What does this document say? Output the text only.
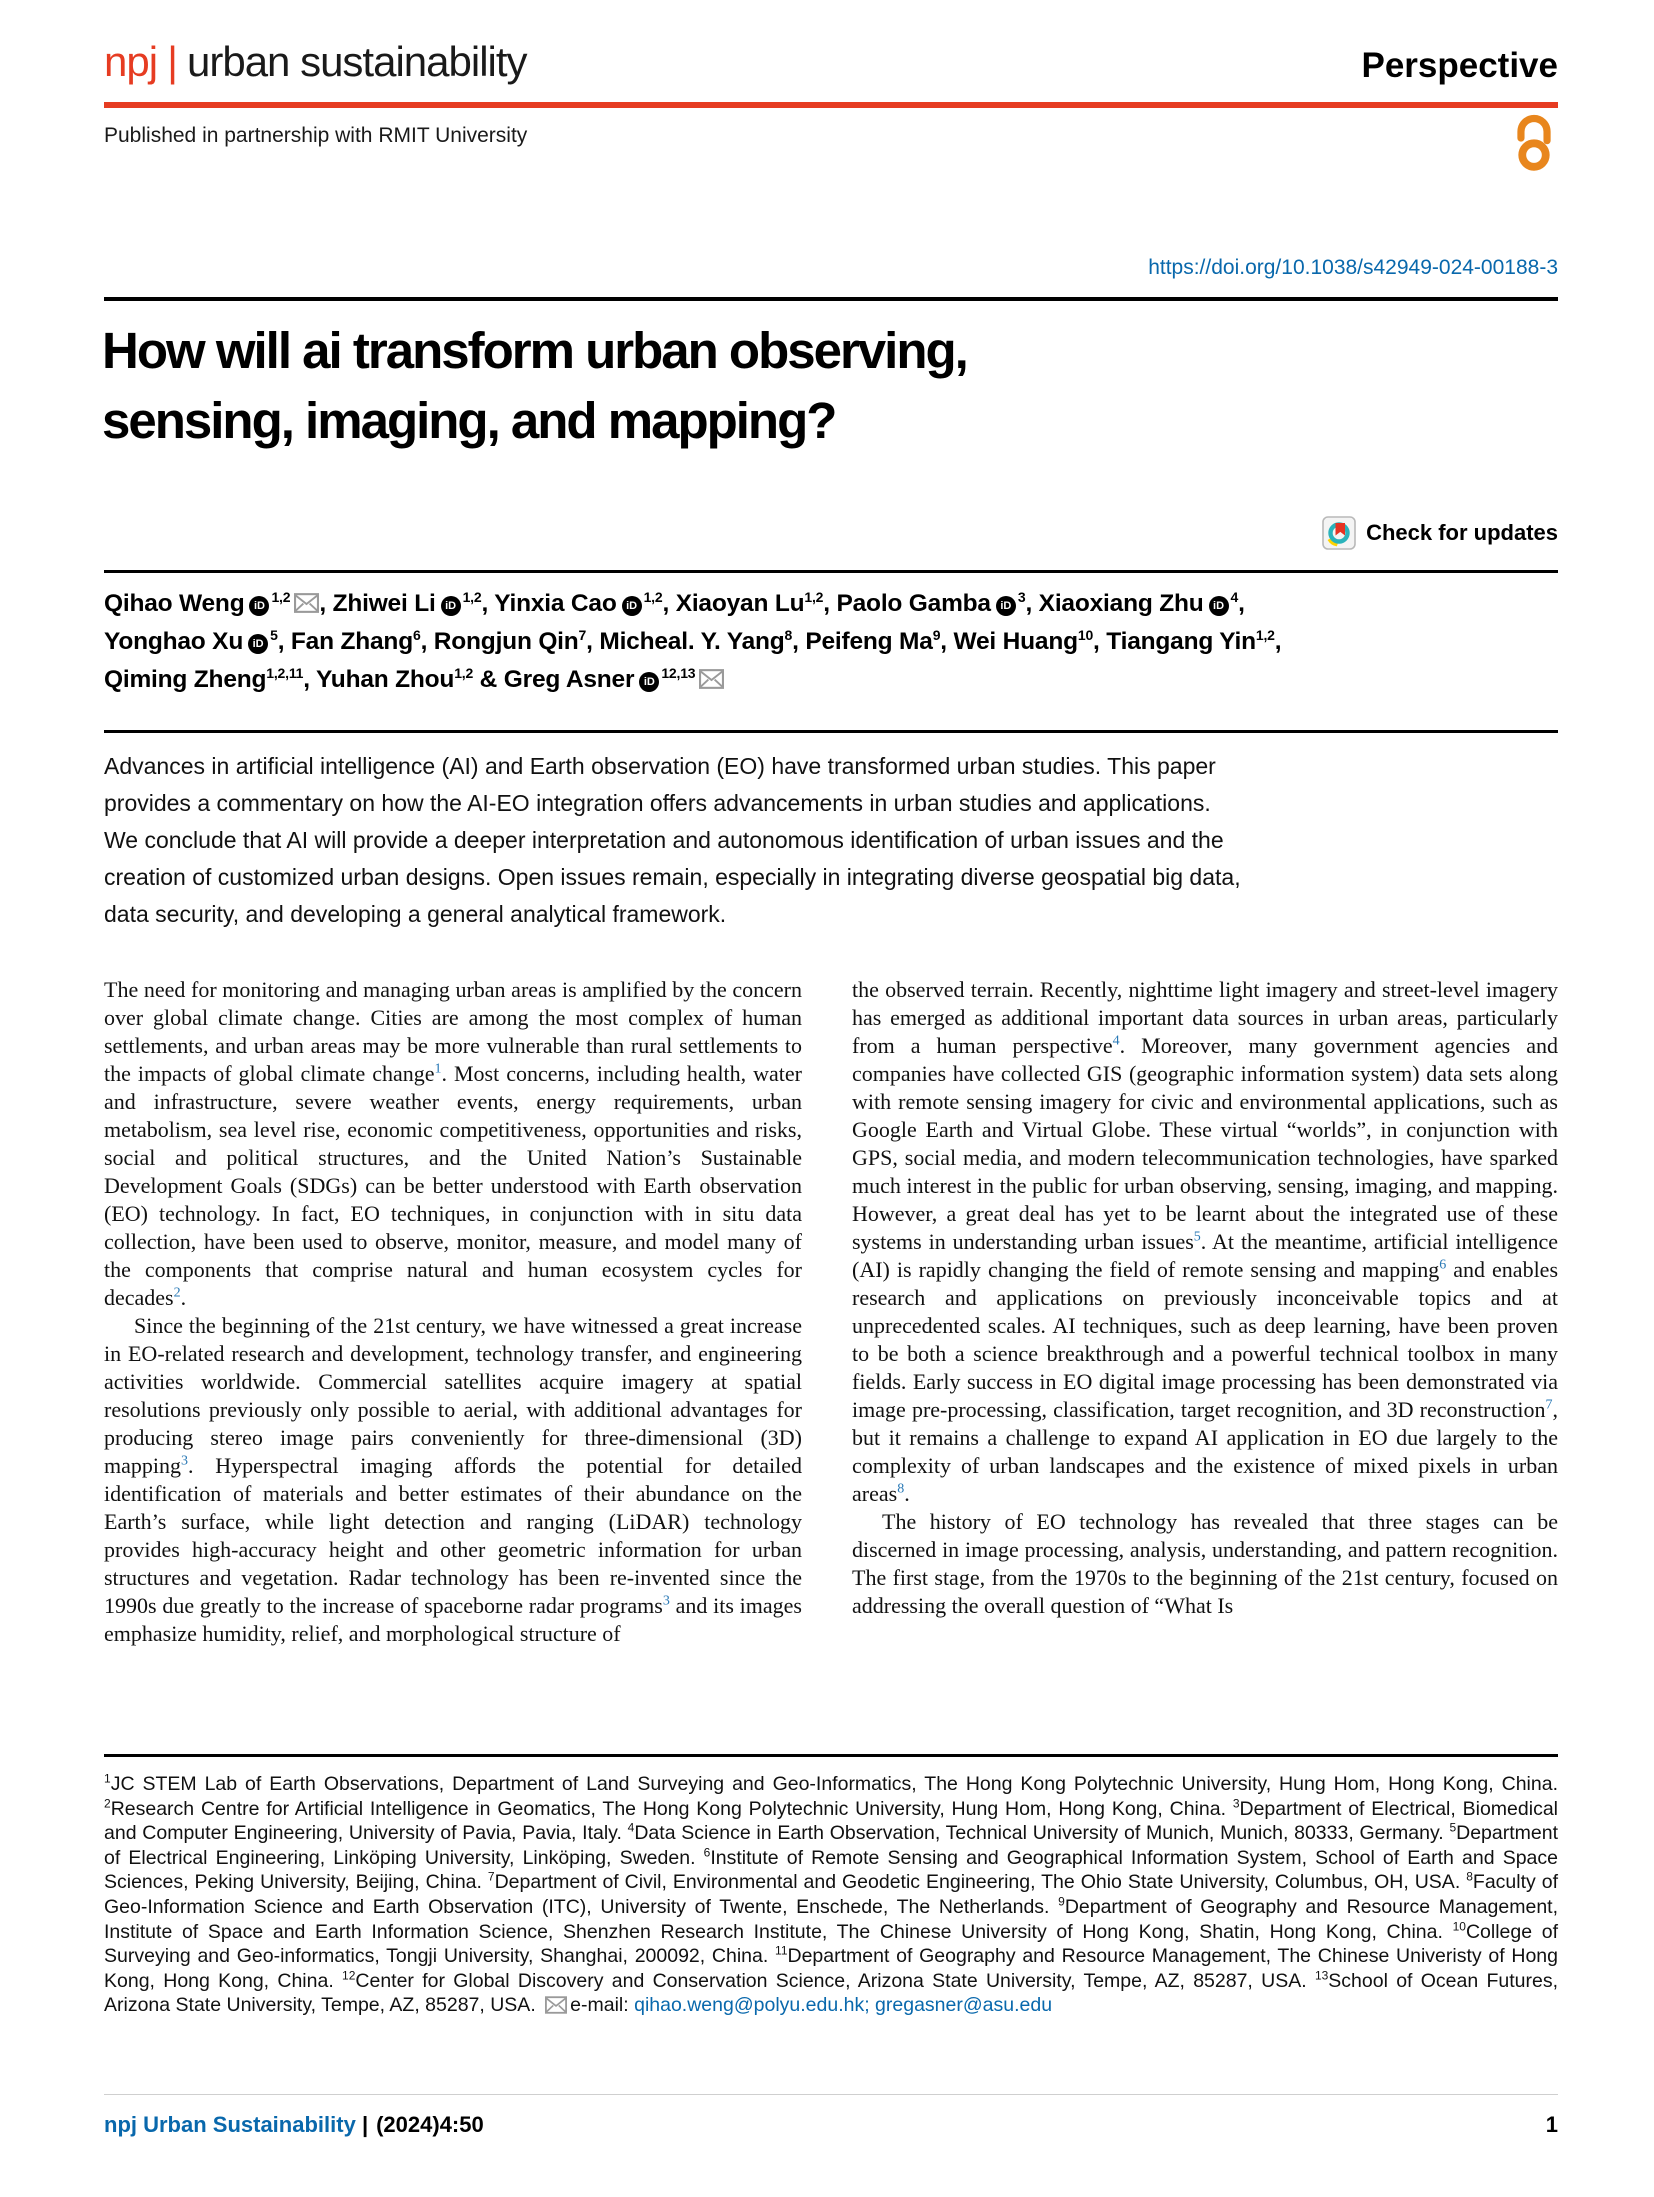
npj | urban sustainability	Perspective
Published in partnership with RMIT University
https://doi.org/10.1038/s42949-024-00188-3
How will ai transform urban observing,
sensing, imaging, and mapping?
Check for updates
Qihao Weng iD$^{1,2}$ , Zhiwei Li iD$^{1,2}$, Yinxia Cao iD$^{1,2}$, Xiaoyan Lu$^{1,2}$, Paolo Gamba $iD^3$, Xiaoxiang Zhu $iD^4$,
Yonghao Xu $iD^5$, Fan Zhang$^6$, Rongjun Qin$^7$, Micheal. Y. Yang$^8$, Peifeng Ma$^9$, Wei Huang$^{10}$, Tiangang Yin$^{1,2}$,
Qiming Zheng$^{1,2,11}$, Yuhan Zhou$^{1,2}$ & Greg Asner iD$^{12,13}$
Advances in artificial intelligence (AI) and Earth observation (EO) have transformed urban studies. This paper provides a commentary on how the AI-EO integration offers advancements in urban studies and applications. We conclude that AI will provide a deeper interpretation and autonomous identification of urban issues and the creation of customized urban designs. Open issues remain, especially in integrating diverse geospatial big data, data security, and developing a general analytical framework.

The need for monitoring and managing urban areas is amplified by the concern over global climate change. Cities are among the most complex of human settlements, and urban areas may be more vulnerable than rural settlements to the impacts of global climate change$^1$. Most concerns, including health, water and infrastructure, severe weather events, energy requirements, urban metabolism, sea level rise, economic competitiveness, opportunities and risks, social and political structures, and the United Nation’s Sustainable Development Goals (SDGs) can be better understood with Earth observation (EO) technology. In fact, EO techniques, in conjunction with in situ data collection, have been used to observe, monitor, measure, and model many of the components that comprise natural and human ecosystem cycles for decades$^2$.

Since the beginning of the 21st century, we have witnessed a great increase in EO-related research and development, technology transfer, and engineering activities worldwide. Commercial satellites acquire imagery at spatial resolutions previously only possible to aerial, with additional advantages for producing stereo image pairs conveniently for three-dimensional (3D) mapping$^3$. Hyperspectral imaging affords the potential for detailed identification of materials and better estimates of their abundance on the Earth’s surface, while light detection and ranging (LiDAR) technology provides high-accuracy height and other geometric information for urban structures and vegetation. Radar technology has been re-invented since the 1990s due greatly to the increase of spaceborne radar programs$^3$ and its images emphasize humidity, relief, and morphological structure of

the observed terrain. Recently, nighttime light imagery and street-level imagery has emerged as additional important data sources in urban areas, particularly from a human perspective$^4$. Moreover, many government agencies and companies have collected GIS (geographic information system) data sets along with remote sensing imagery for civic and environmental applications, such as Google Earth and Virtual Globe. These virtual “worlds”, in conjunction with GPS, social media, and modern telecommunication technologies, have sparked much interest in the public for urban observing, sensing, imaging, and mapping. However, a great deal has yet to be learnt about the integrated use of these systems in understanding urban issues$^5$. At the meantime, artificial intelligence (AI) is rapidly changing the field of remote sensing and mapping$^6$ and enables research and applications on previously inconceivable topics and at unprecedented scales. AI techniques, such as deep learning, have been proven to be both a science breakthrough and a powerful technical toolbox in many fields. Early success in EO digital image processing has been demonstrated via image pre-processing, classification, target recognition, and 3D reconstruction$^7$, but it remains a challenge to expand AI application in EO due largely to the complexity of urban landscapes and the existence of mixed pixels in urban areas$^8$.

The history of EO technology has revealed that three stages can be discerned in image processing, analysis, understanding, and pattern recognition. The first stage, from the 1970s to the beginning of the 21st century, focused on addressing the overall question of “What Is

$^1$JC STEM Lab of Earth Observations, Department of Land Surveying and Geo-Informatics, The Hong Kong Polytechnic University, Hung Hom, Hong Kong, China. $^2$Research Centre for Artificial Intelligence in Geomatics, The Hong Kong Polytechnic University, Hung Hom, Hong Kong, China. $^3$Department of Electrical, Biomedical and Computer Engineering, University of Pavia, Pavia, Italy. $^4$Data Science in Earth Observation, Technical University of Munich, Munich, 80333, Germany. $^5$Department of Electrical Engineering, Linköping University, Linköping, Sweden. $^6$Institute of Remote Sensing and Geographical Information System, School of Earth and Space Sciences, Peking University, Beijing, China. $^7$Department of Civil, Environmental and Geodetic Engineering, The Ohio State University, Columbus, OH, USA. $^8$Faculty of Geo-Information Science and Earth Observation (ITC), University of Twente, Enschede, The Netherlands. $^9$Department of Geography and Resource Management, Institute of Space and Earth Information Science, Shenzhen Research Institute, The Chinese University of Hong Kong, Shatin, Hong Kong, China. $^{10}$College of Surveying and Geo-informatics, Tongji University, Shanghai, 200092, China. $^{11}$Department of Geography and Resource Management, The Chinese Univeristy of Hong Kong, Hong Kong, China. $^{12}$Center for Global Discovery and Conservation Science, Arizona State University, Tempe, AZ, 85287, USA. $^{13}$School of Ocean Futures, Arizona State University, Tempe, AZ, 85287, USA. e-mail: qihao.weng@polyu.edu.hk; gregasner@asu.edu
npj Urban Sustainability | (2024)4:50	1
